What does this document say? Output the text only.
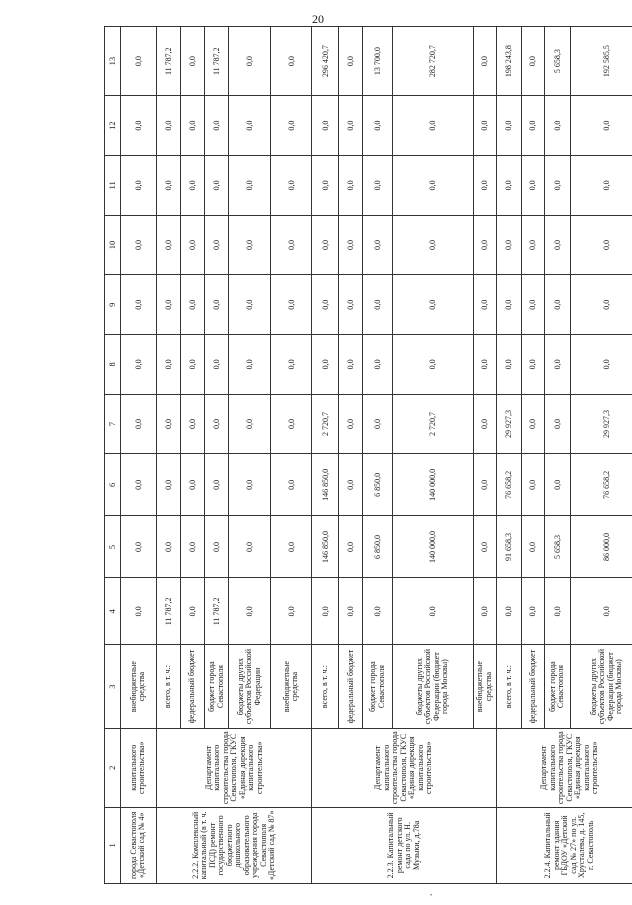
20
1	2	3	4	5	6	7	8	9	10	11	12	13
города Севастополя «Детский сад № 4»	капитального строительства»	внебюджетные средства	0,0	0,0	0,0	0,0	0,0	0,0	0,0	0,0	0,0	0,0
2.2.2. Комплексный капитальный (в т. ч. ПСД) ремонт государственного бюджетного дошкольного образовательного учреждения города Севастополя «Детский сад № 87»	Департамент капитального строительства города Севастополя, ГКУС «Единая дирекция капитального строительства»	всего, в т. ч.:	11 787,2	0,0	0,0	0,0	0,0	0,0	0,0	0,0	0,0	11 787,2
		федеральный бюджет	0,0	0,0	0,0	0,0	0,0	0,0	0,0	0,0	0,0	0,0
		бюджет города Севастополя	11 787,2	0,0	0,0	0,0	0,0	0,0	0,0	0,0	0,0	11 787,2
		бюджеты других субъектов Российской Федерации	0,0	0,0	0,0	0,0	0,0	0,0	0,0	0,0	0,0	0,0
		внебюджетные средства	0,0	0,0	0,0	0,0	0,0	0,0	0,0	0,0	0,0	0,0
2.2.3. Капитальный ремонт детского сада по ул. Н. Музыки, д.78а	Департамент капитального строительства города Севастополя, ГКУС «Единая дирекция капитального строительства»	всего, в т. ч.:	0,0	146 850,0	146 850,0	2 720,7	0,0	0,0	0,0	0,0	0,0	296 420,7
		федеральный бюджет	0,0	0,0	0,0	0,0	0,0	0,0	0,0	0,0	0,0	0,0
		бюджет города Севастополя	0,0	6 850,0	6 850,0	0,0	0,0	0,0	0,0	0,0	0,0	13 700,0
		бюджеты других субъектов Российской Федерации (бюджет города Москвы)	0,0	140 000,0	140 000,0	2 720,7	0,0	0,0	0,0	0,0	0,0	282 720,7
		внебюджетные средства	0,0	0,0	0,0	0,0	0,0	0,0	0,0	0,0	0,0	0,0
2.2.4. Капитальный ремонт здания ГБДОУ «Детский сад № 27» по ул. Хрусталева, д. 145, г. Севастополь	Департамент капитального строительства города Севастополя, ГКУС «Единая дирекция капитального строительства»	всего, в т. ч.:	0,0	91 658,3	76 658,2	29 927,3	0,0	0,0	0,0	0,0	0,0	198 243,8
		федеральный бюджет	0,0	0,0	0,0	0,0	0,0	0,0	0,0	0,0	0,0	0,0
		бюджет города Севастополя	0,0	5 658,3	0,0	0,0	0,0	0,0	0,0	0,0	0,0	5 658,3
		бюджеты других субъектов Российской Федерации (бюджет города Москвы)	0,0	86 000,0	76 658,2	29 927,3	0,0	0,0	0,0	0,0	0,0	192 585,5
•
